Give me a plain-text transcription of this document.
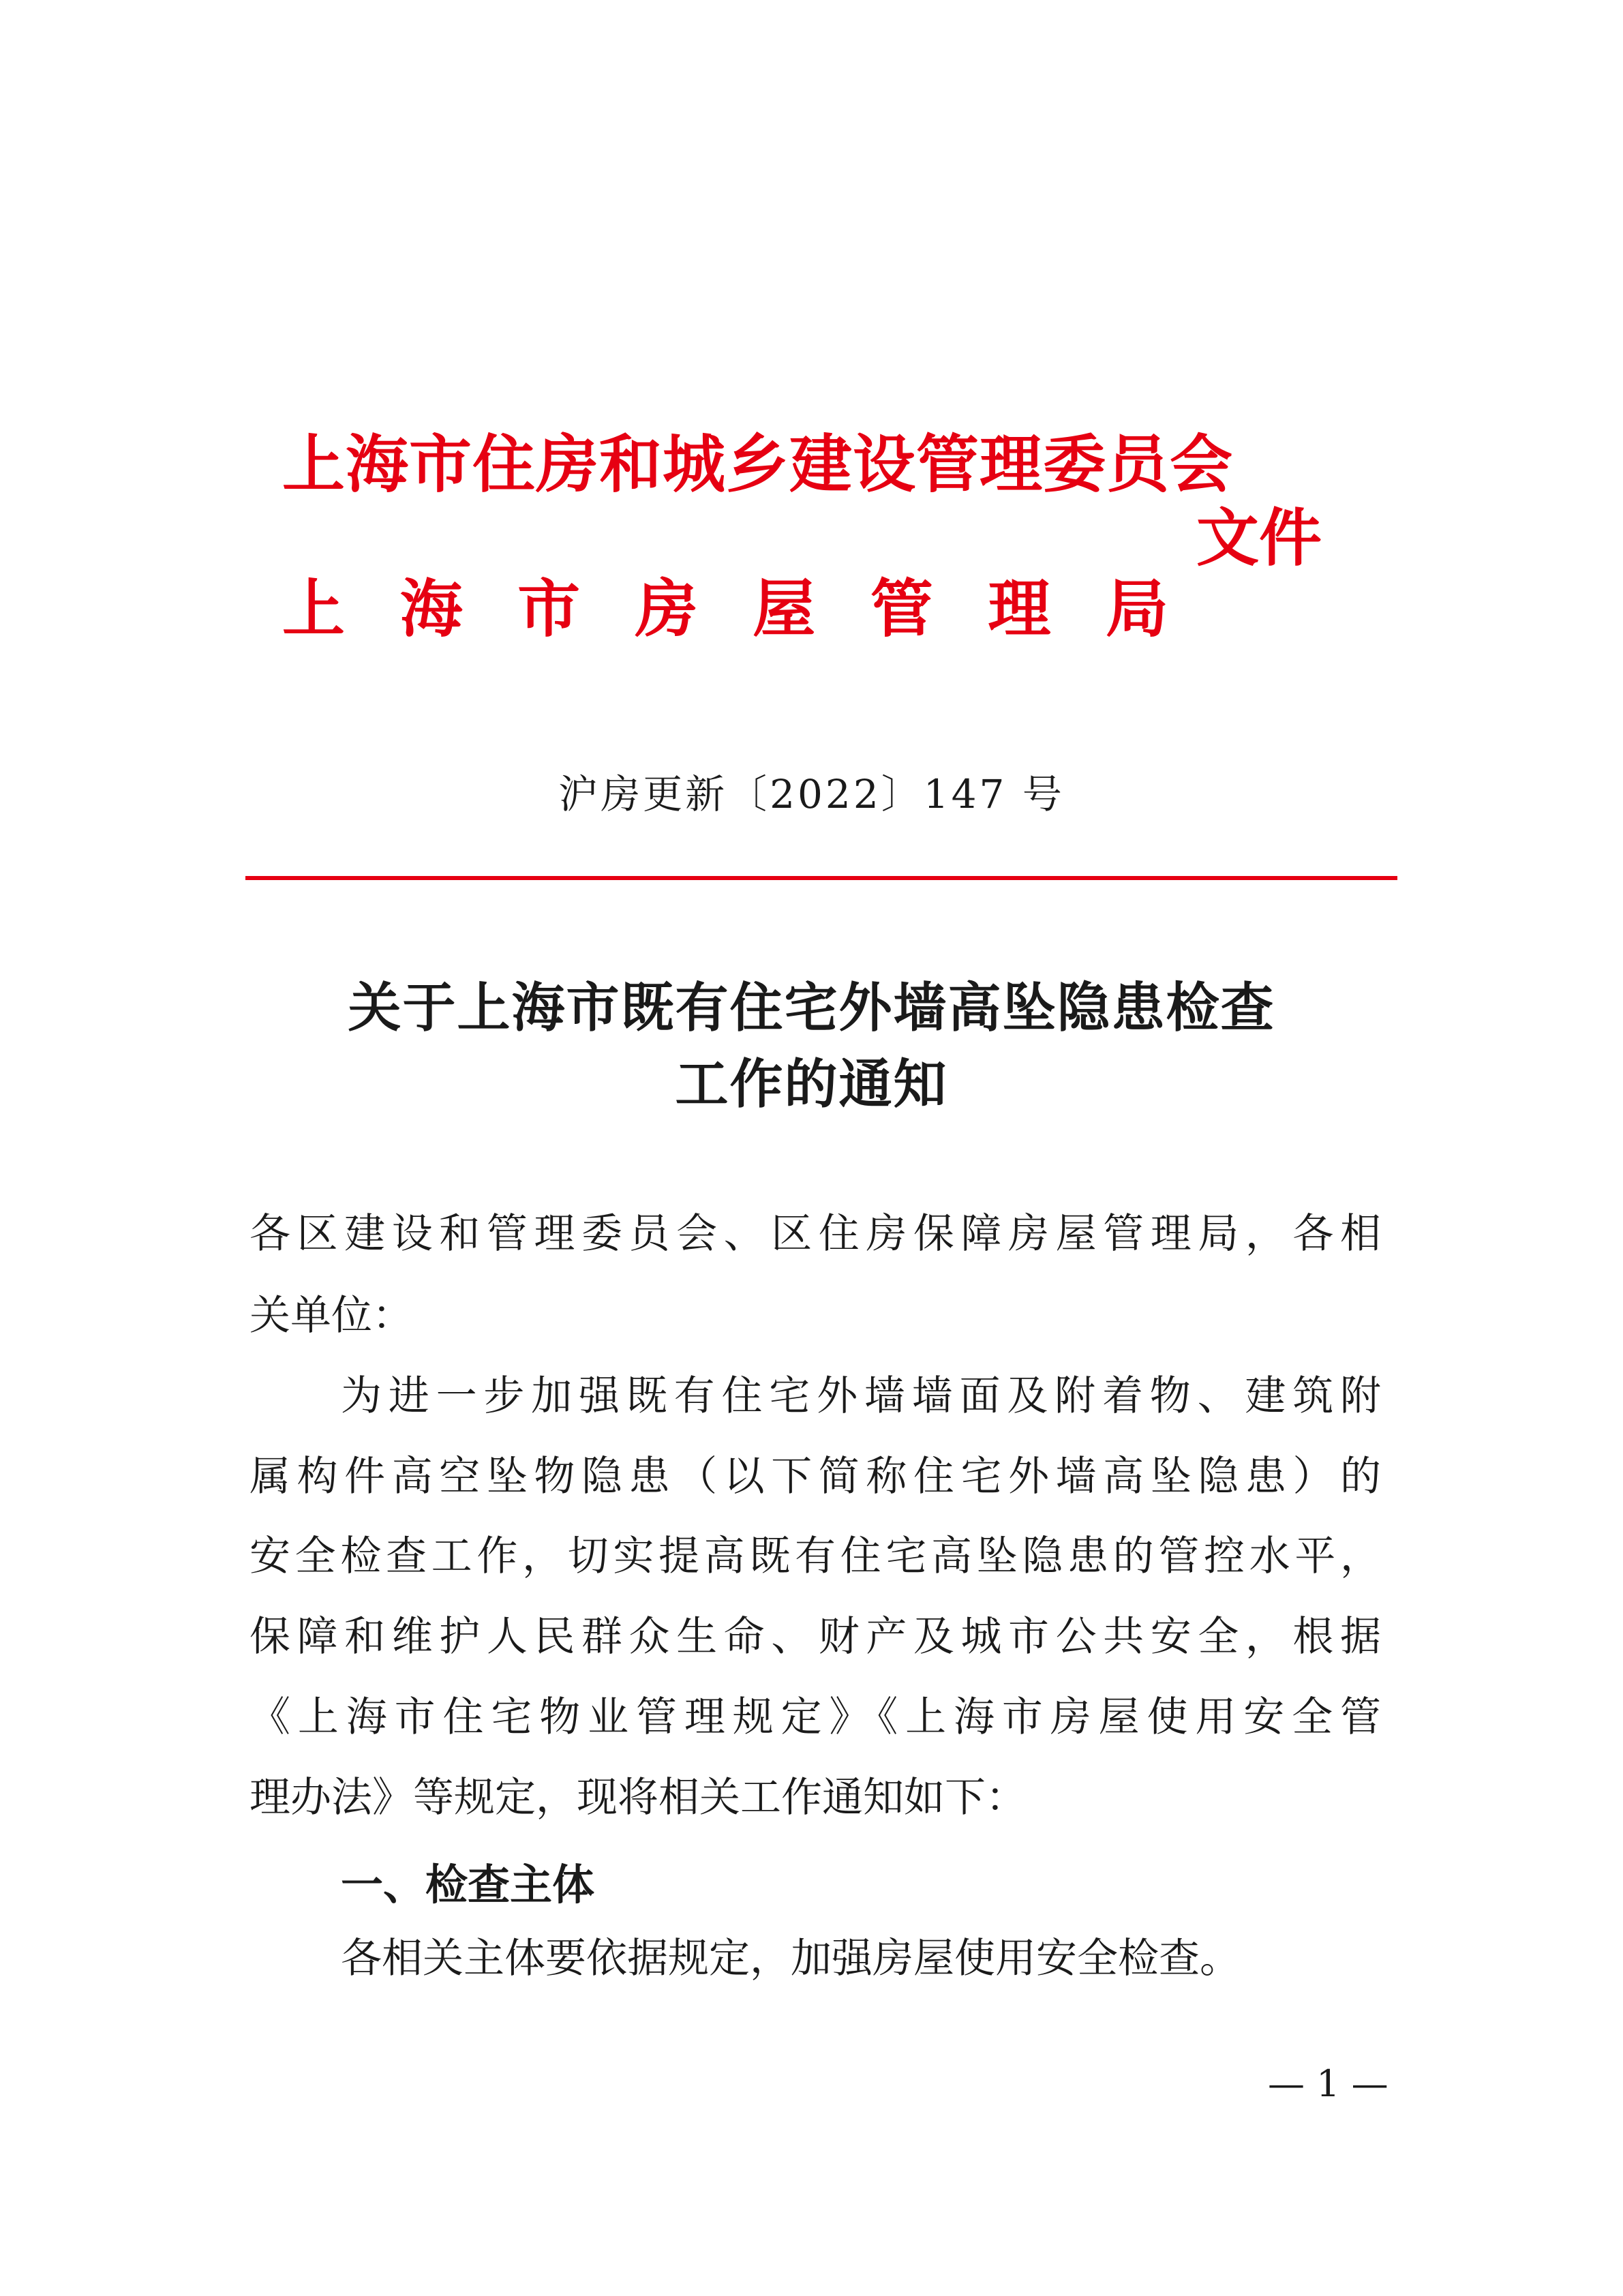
上海市住房和城乡建设管理委员会
上 海 市 房 屋 管 理 局
文件
沪房更新〔2022〕147 号
关于上海市既有住宅外墙高坠隐患检查
工作的通知
各区建设和管理委员会、区住房保障房屋管理局，各相
关单位：
为进一步加强既有住宅外墙墙面及附着物、建筑附
属构件高空坠物隐患（以下简称住宅外墙高坠隐患）的
安全检查工作，切实提高既有住宅高坠隐患的管控水平，
保障和维护人民群众生命、财产及城市公共安全，根据
《上海市住宅物业管理规定》《上海市房屋使用安全管
理办法》等规定，现将相关工作通知如下：
一、检查主体
各相关主体要依据规定，加强房屋使用安全检查。
— 1 —
